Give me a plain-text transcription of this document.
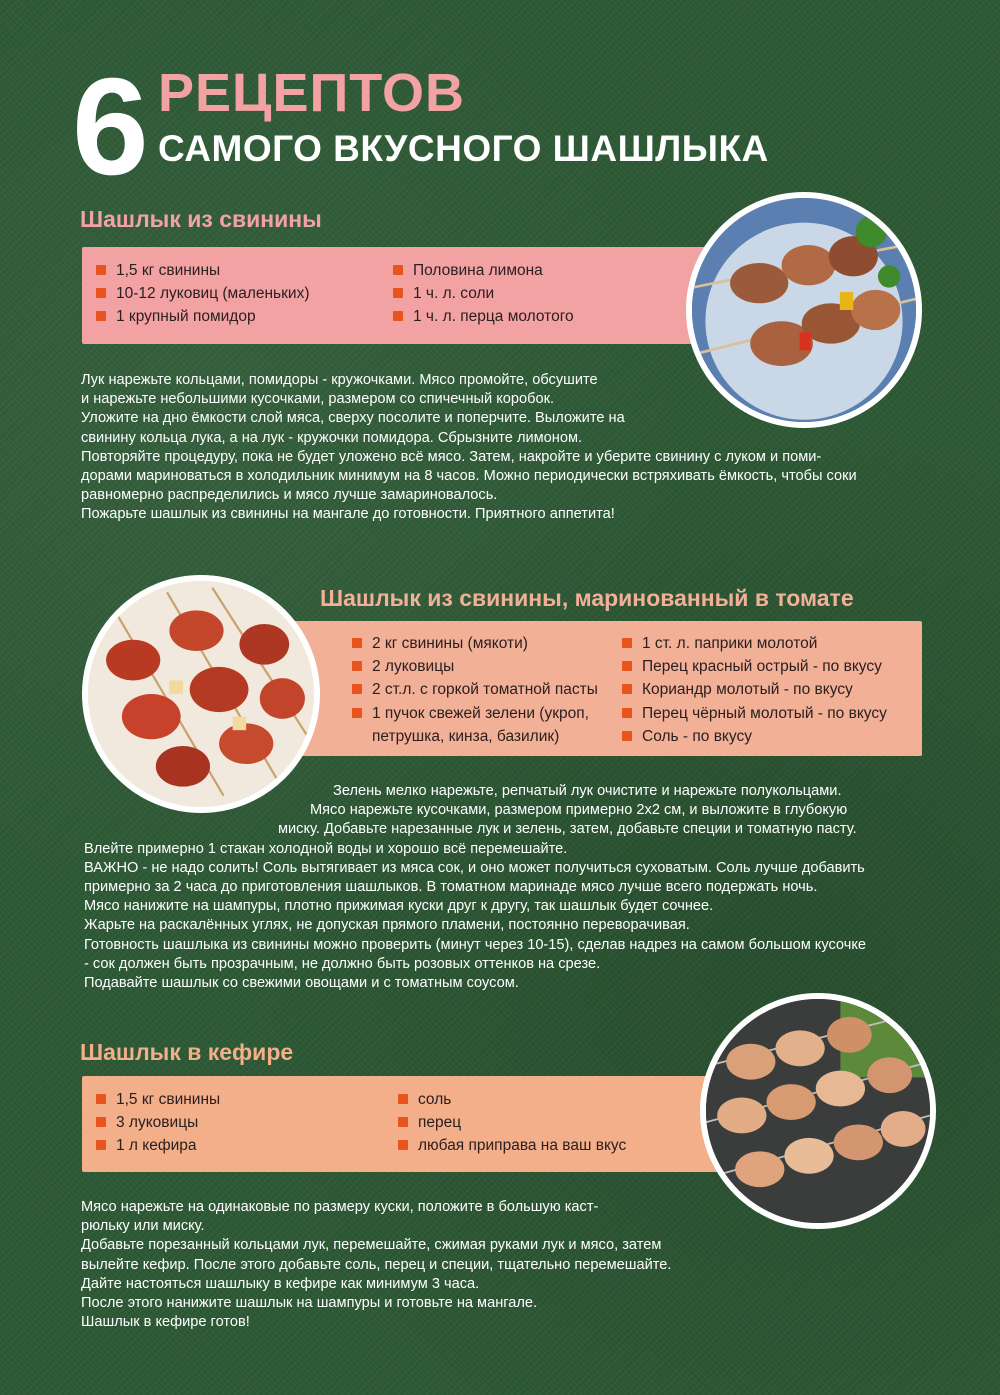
6 РЕЦЕПТОВ
САМОГО ВКУСНОГО ШАШЛЫКА
Шашлык из свинины
1,5 кг свинины
10-12 луковиц (маленьких)
1 крупный помидор
Половина лимона
1 ч. л. соли
1 ч. л. перца молотого

Лук нарежьте кольцами, помидоры - кружочками. Мясо промойте, обсушите

и нарежьте небольшими кусочками, размером со спичечный коробок.

Уложите на дно ёмкости слой мяса, сверху посолите и поперчите. Выложите на

свинину кольца лука, а на лук - кружочки помидора. Сбрызните лимоном.

Повторяйте процедуру, пока не будет уложено всё мясо. Затем, накройте и уберите свинину с луком и поми-

дорами мариноваться в холодильник минимум на 8 часов. Можно периодически встряхивать ёмкость, чтобы соки

равномерно распределились и мясо лучше замариновалось.

Пожарьте шашлык из свинины на мангале до готовности. Приятного аппетита!

Шашлык из свинины, маринованный в томате
2 кг свинины (мякоти)
2 луковицы
2 ст.л. с горкой томатной пасты
1 пучок свежей зелени (укроп,
петрушка, кинза, базилик)
1 ст. л. паприки молотой
Перец красный острый - по вкусу
Кориандр молотый - по вкусу
Перец чёрный молотый - по вкусу
Соль - по вкусу

Зелень мелко нарежьте, репчатый лук очистите и нарежьте полукольцами.

Мясо нарежьте кусочками, размером примерно 2х2 см, и выложите в глубокую

миску. Добавьте нарезанные лук и зелень, затем, добавьте специи и томатную пасту.

Влейте примерно 1 стакан холодной воды и хорошо всё перемешайте.

ВАЖНО - не надо солить! Соль вытягивает из мяса сок, и оно может получиться суховатым. Соль лучше добавить

примерно за 2 часа до приготовления шашлыков. В томатном маринаде мясо лучше всего подержать ночь.

Мясо нанижите на шампуры, плотно прижимая куски друг к другу, так шашлык будет сочнее.

Жарьте на раскалённых углях, не допуская прямого пламени, постоянно переворачивая.

Готовность шашлыка из свинины можно проверить (минут через 10-15), сделав надрез на самом большом кусочке

- сок должен быть прозрачным, не должно быть розовых оттенков на срезе.

Подавайте шашлык со свежими овощами и с томатным соусом.

Шашлык в кефире
1,5 кг свинины
3 луковицы
1 л кефира
соль
перец
любая приправа на ваш вкус

Мясо нарежьте на одинаковые по размеру куски, положите в большую каст-

рюльку или миску.

Добавьте порезанный кольцами лук, перемешайте, сжимая руками лук и мясо, затем

вылейте кефир. После этого добавьте соль, перец и специи, тщательно перемешайте.

Дайте настояться шашлыку в кефире как минимум 3 часа.

После этого нанижите шашлык на шампуры и готовьте на мангале.

Шашлык в кефире готов!
